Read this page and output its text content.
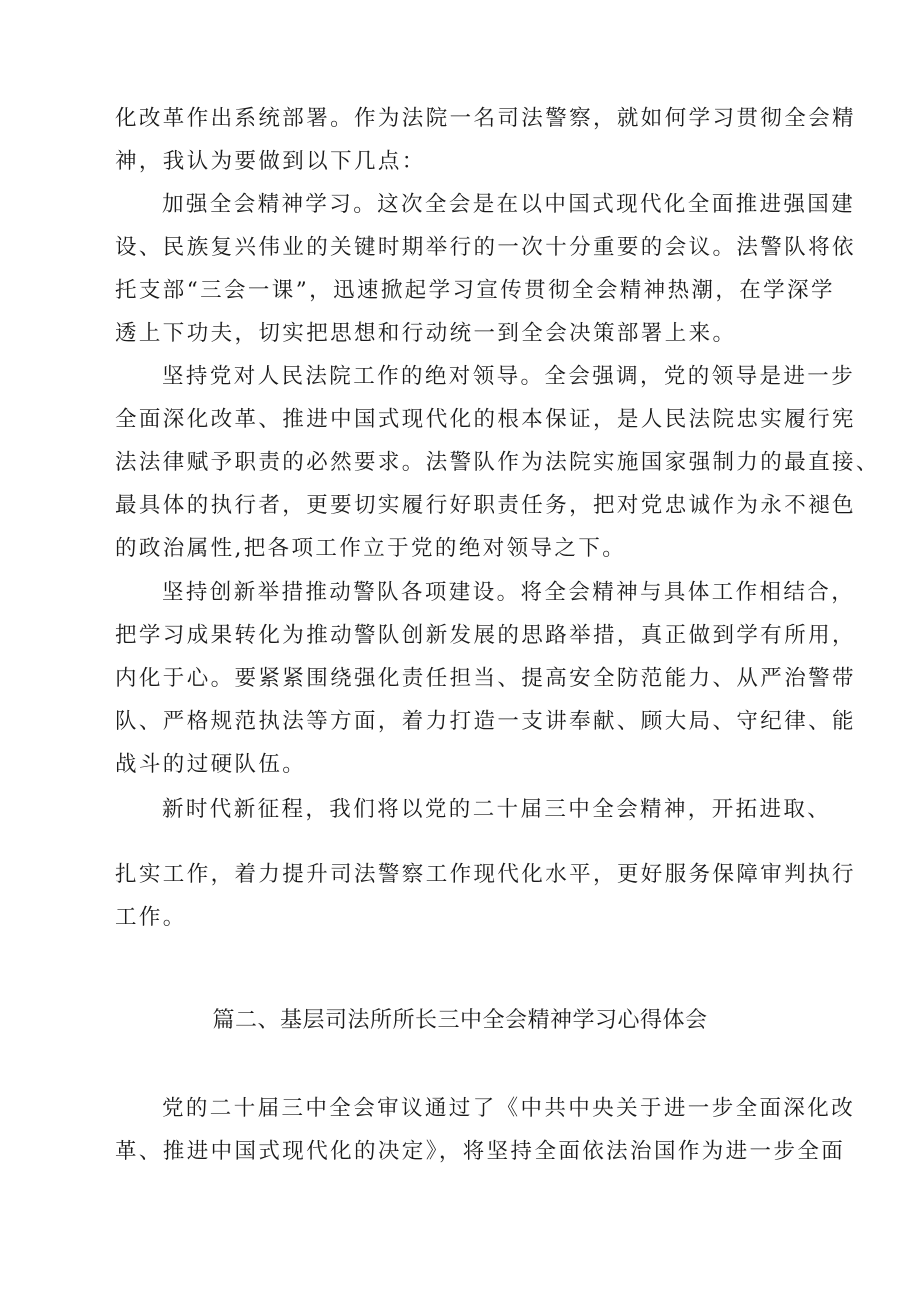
化改革作出系统部署。作为法院一名司法警察，就如何学习贯彻全会精
神，我认为要做到以下几点：
加强全会精神学习。这次全会是在以中国式现代化全面推进强国建
设、民族复兴伟业的关键时期举行的一次十分重要的会议。法警队将依
托支部“三会一课”，迅速掀起学习宣传贯彻全会精神热潮，在学深学
透上下功夫，切实把思想和行动统一到全会决策部署上来。
坚持党对人民法院工作的绝对领导。全会强调，党的领导是进一步
全面深化改革、推进中国式现代化的根本保证，是人民法院忠实履行宪
法法律赋予职责的必然要求。法警队作为法院实施国家强制力的最直接、
最具体的执行者，更要切实履行好职责任务，把对党忠诚作为永不褪色
的政治属性,把各项工作立于党的绝对领导之下。
坚持创新举措推动警队各项建设。将全会精神与具体工作相结合，
把学习成果转化为推动警队创新发展的思路举措，真正做到学有所用，
内化于心。要紧紧围绕强化责任担当、提高安全防范能力、从严治警带
队、严格规范执法等方面，着力打造一支讲奉献、顾大局、守纪律、能
战斗的过硬队伍。
新时代新征程，我们将以党的二十届三中全会精神，开拓进取、
扎实工作，着力提升司法警察工作现代化水平，更好服务保障审判执行
工作。
篇二、基层司法所所长三中全会精神学习心得体会
党的二十届三中全会审议通过了《中共中央关于进一步全面深化改
革、推进中国式现代化的决定》，将坚持全面依法治国作为进一步全面
